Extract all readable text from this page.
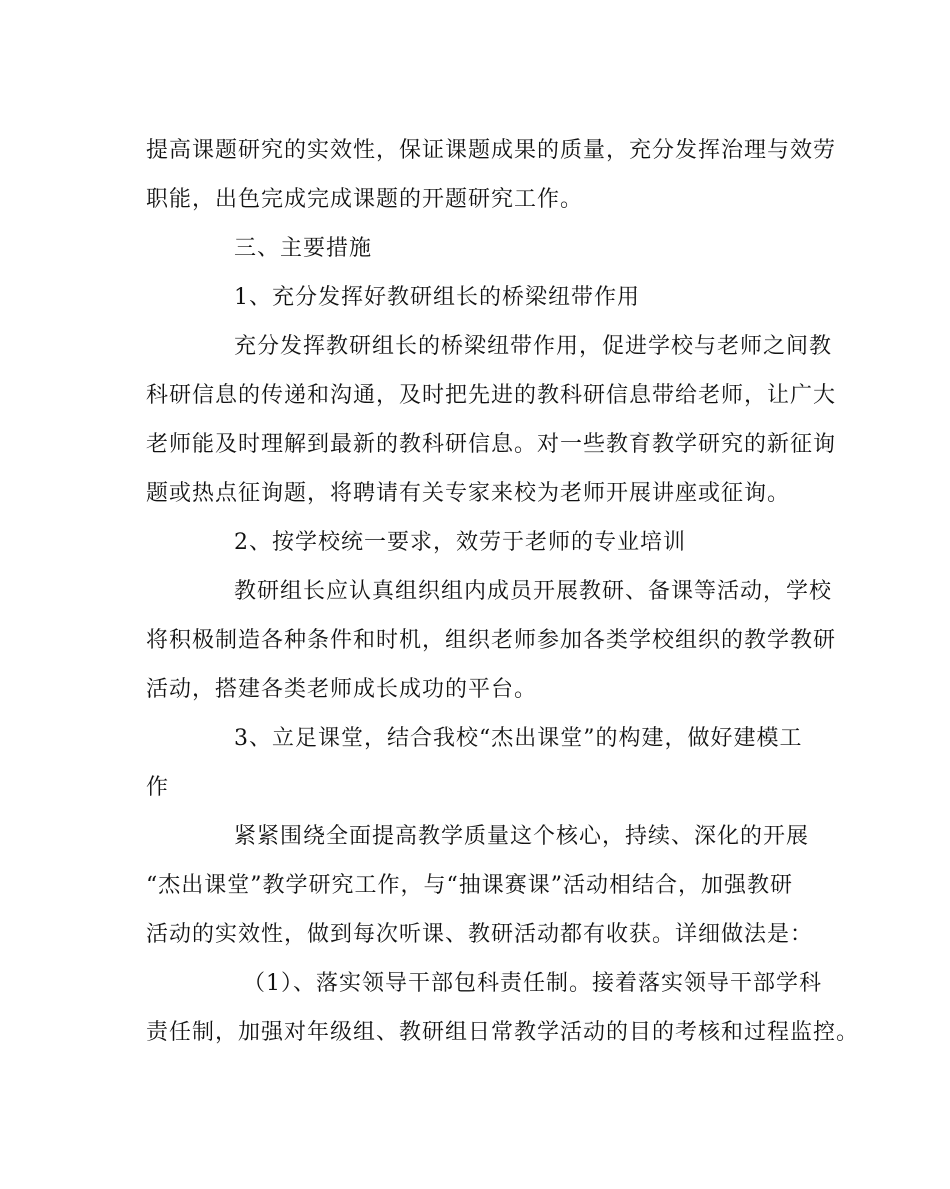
提高课题研究的实效性，保证课题成果的质量，充分发挥治理与效劳
职能，出色完成完成课题的开题研究工作。
三、主要措施
1、充分发挥好教研组长的桥梁纽带作用
充分发挥教研组长的桥梁纽带作用，促进学校与老师之间教
科研信息的传递和沟通，及时把先进的教科研信息带给老师，让广大
老师能及时理解到最新的教科研信息。对一些教育教学研究的新征询
题或热点征询题，将聘请有关专家来校为老师开展讲座或征询。
2、按学校统一要求，效劳于老师的专业培训
教研组长应认真组织组内成员开展教研、备课等活动，学校
将积极制造各种条件和时机，组织老师参加各类学校组织的教学教研
活动，搭建各类老师成长成功的平台。
3、立足课堂，结合我校“杰出课堂”的构建，做好建模工
作
紧紧围绕全面提高教学质量这个核心，持续、深化的开展
“杰出课堂”教学研究工作，与“抽课赛课”活动相结合，加强教研
活动的实效性，做到每次听课、教研活动都有收获。详细做法是：
（1）、落实领导干部包科责任制。接着落实领导干部学科
责任制，加强对年级组、教研组日常教学活动的目的考核和过程监控。
